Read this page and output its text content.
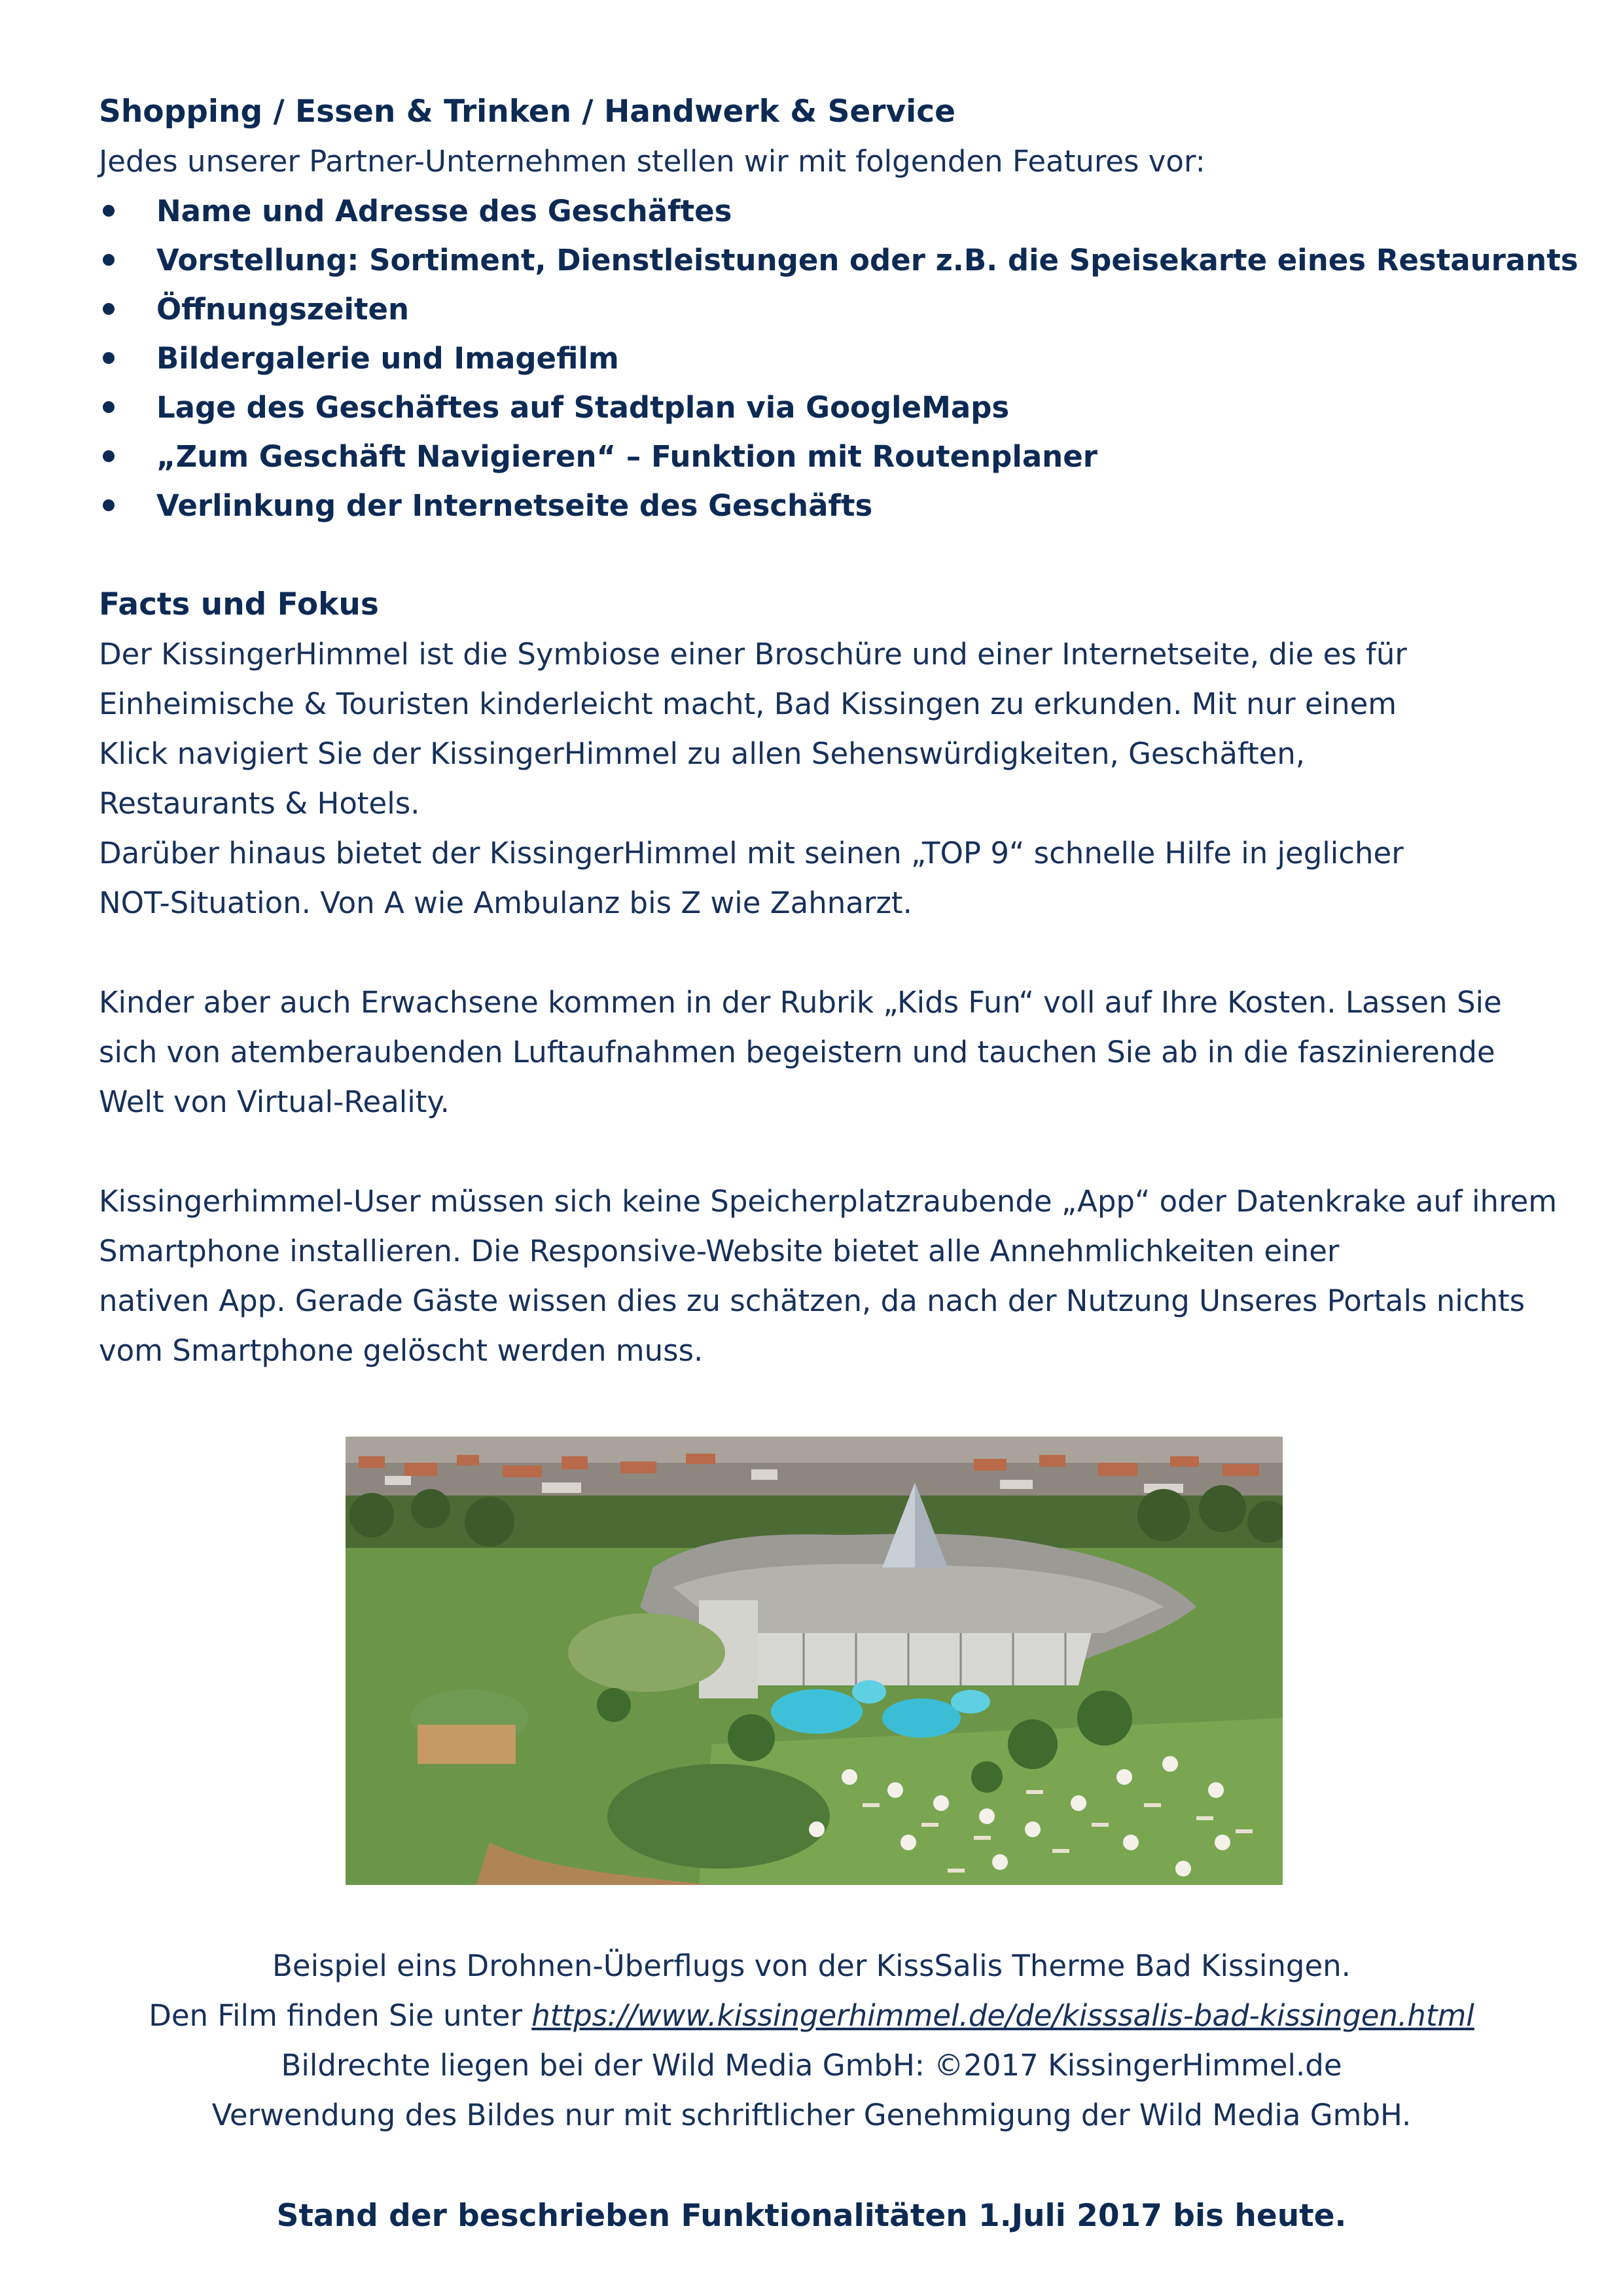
Shopping / Essen & Trinken / Handwerk & Service
Jedes unserer Partner-Unternehmen stellen wir mit folgenden Features vor:
Name und Adresse des Geschäftes
Vorstellung: Sortiment, Dienstleistungen oder z.B. die Speisekarte eines Restaurants
Öffnungszeiten
Bildergalerie und Imagefilm
Lage des Geschäftes auf Stadtplan via GoogleMaps
„Zum Geschäft Navigieren“ – Funktion mit Routenplaner
Verlinkung der Internetseite des Geschäfts
Facts und Fokus

Der KissingerHimmel ist die Symbiose einer Broschüre und einer Internetseite, die es für

Einheimische & Touristen kinderleicht macht, Bad Kissingen zu erkunden. Mit nur einem

Klick navigiert Sie der KissingerHimmel zu allen Sehenswürdigkeiten, Geschäften,

Restaurants & Hotels.

Darüber hinaus bietet der KissingerHimmel mit seinen „TOP 9“ schnelle Hilfe in jeglicher

NOT-Situation. Von A wie Ambulanz bis Z wie Zahnarzt.

Kinder aber auch Erwachsene kommen in der Rubrik „Kids Fun“ voll auf Ihre Kosten. Lassen Sie

sich von atemberaubenden Luftaufnahmen begeistern und tauchen Sie ab in die faszinierende

Welt von Virtual-Reality.

Kissingerhimmel-User müssen sich keine Speicherplatzraubende „App“ oder Datenkrake auf ihrem

Smartphone installieren. Die Responsive-Website bietet alle Annehmlichkeiten einer

nativen App. Gerade Gäste wissen dies zu schätzen, da nach der Nutzung Unseres Portals nichts

vom Smartphone gelöscht werden muss.

Beispiel eins Drohnen-Überflugs von der KissSalis Therme Bad Kissingen.
Den Film finden Sie unter https://www.kissingerhimmel.de/de/kisssalis-bad-kissingen.html
Bildrechte liegen bei der Wild Media GmbH: ©2017 KissingerHimmel.de
Verwendung des Bildes nur mit schriftlicher Genehmigung der Wild Media GmbH.
Stand der beschrieben Funktionalitäten 1.Juli 2017 bis heute.
